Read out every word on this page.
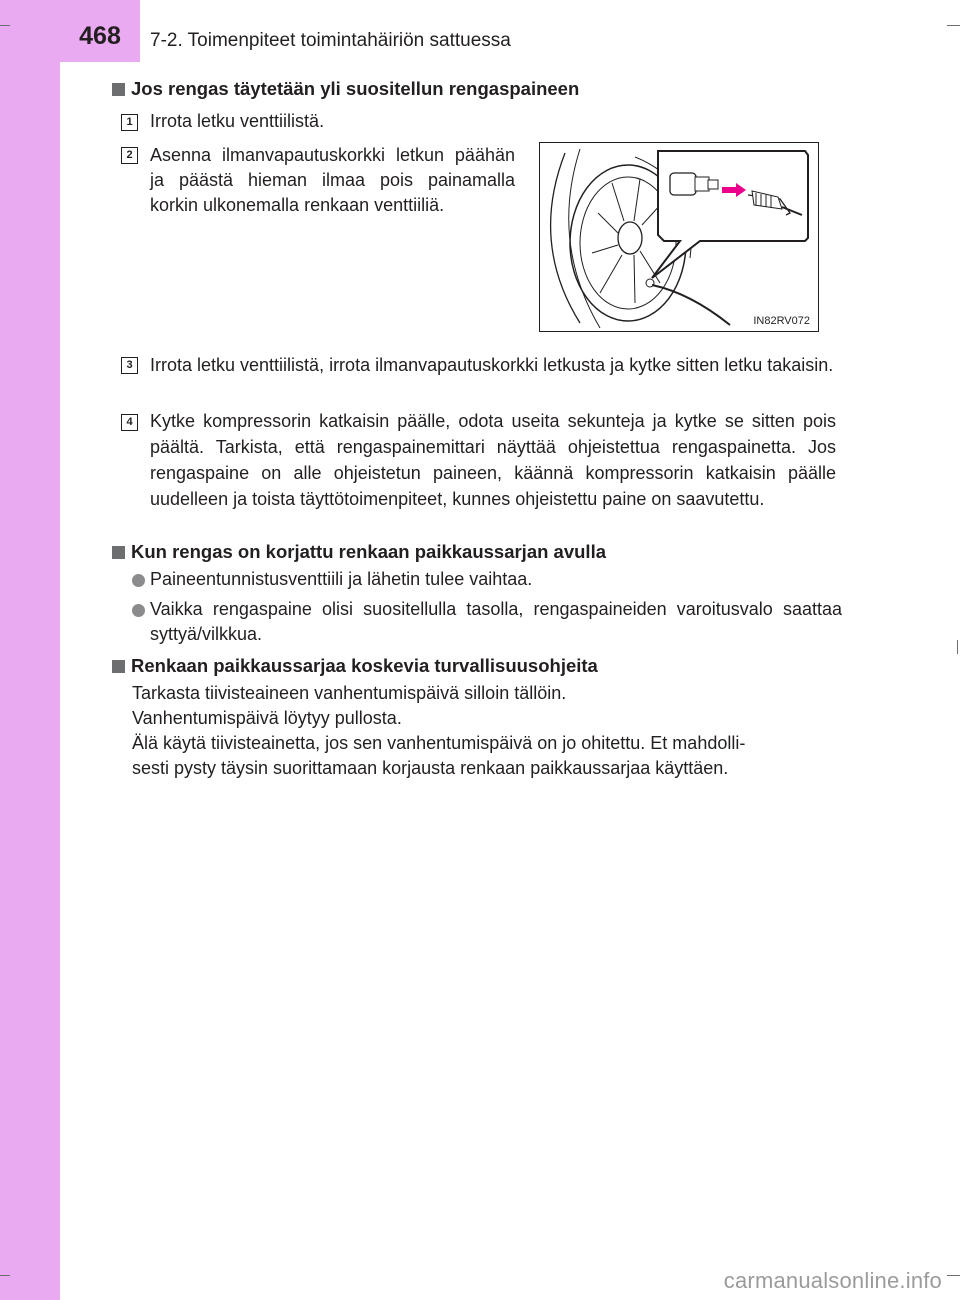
468	7-2. Toimenpiteet toimintahäiriön sattuessa
Jos rengas täytetään yli suositellun rengaspaineen
1 Irrota letku venttiilistä.
2 Asenna ilmanvapautuskorkki letkun päähän ja päästä hieman ilmaa pois painamalla korkin ulkonemalla renkaan venttiiliä.
IN82RV072
3 Irrota letku venttiilistä, irrota ilmanvapautuskorkki letkusta ja kytke sitten letku takaisin.
4 Kytke kompressorin katkaisin päälle, odota useita sekunteja ja kytke se sitten pois päältä. Tarkista, että rengaspainemittari näyttää ohjeistettua rengaspainetta. Jos rengaspaine on alle ohjeistetun paineen, käännä kompressorin katkaisin päälle uudelleen ja toista täyttötoimenpiteet, kunnes ohjeistettu paine on saavutettu.
Kun rengas on korjattu renkaan paikkaussarjan avulla
Paineentunnistusventtiili ja lähetin tulee vaihtaa.
Vaikka rengaspaine olisi suositellulla tasolla, rengaspaineiden varoitusvalo saattaa syttyä/vilkkua.
Renkaan paikkaussarjaa koskevia turvallisuusohjeita
Tarkasta tiivisteaineen vanhentumispäivä silloin tällöin.
Vanhentumispäivä löytyy pullosta.
Älä käytä tiivisteainetta, jos sen vanhentumispäivä on jo ohitettu. Et mahdolli-
sesti pysty täysin suorittamaan korjausta renkaan paikkaussarjaa käyttäen.
carmanualsonline.info
